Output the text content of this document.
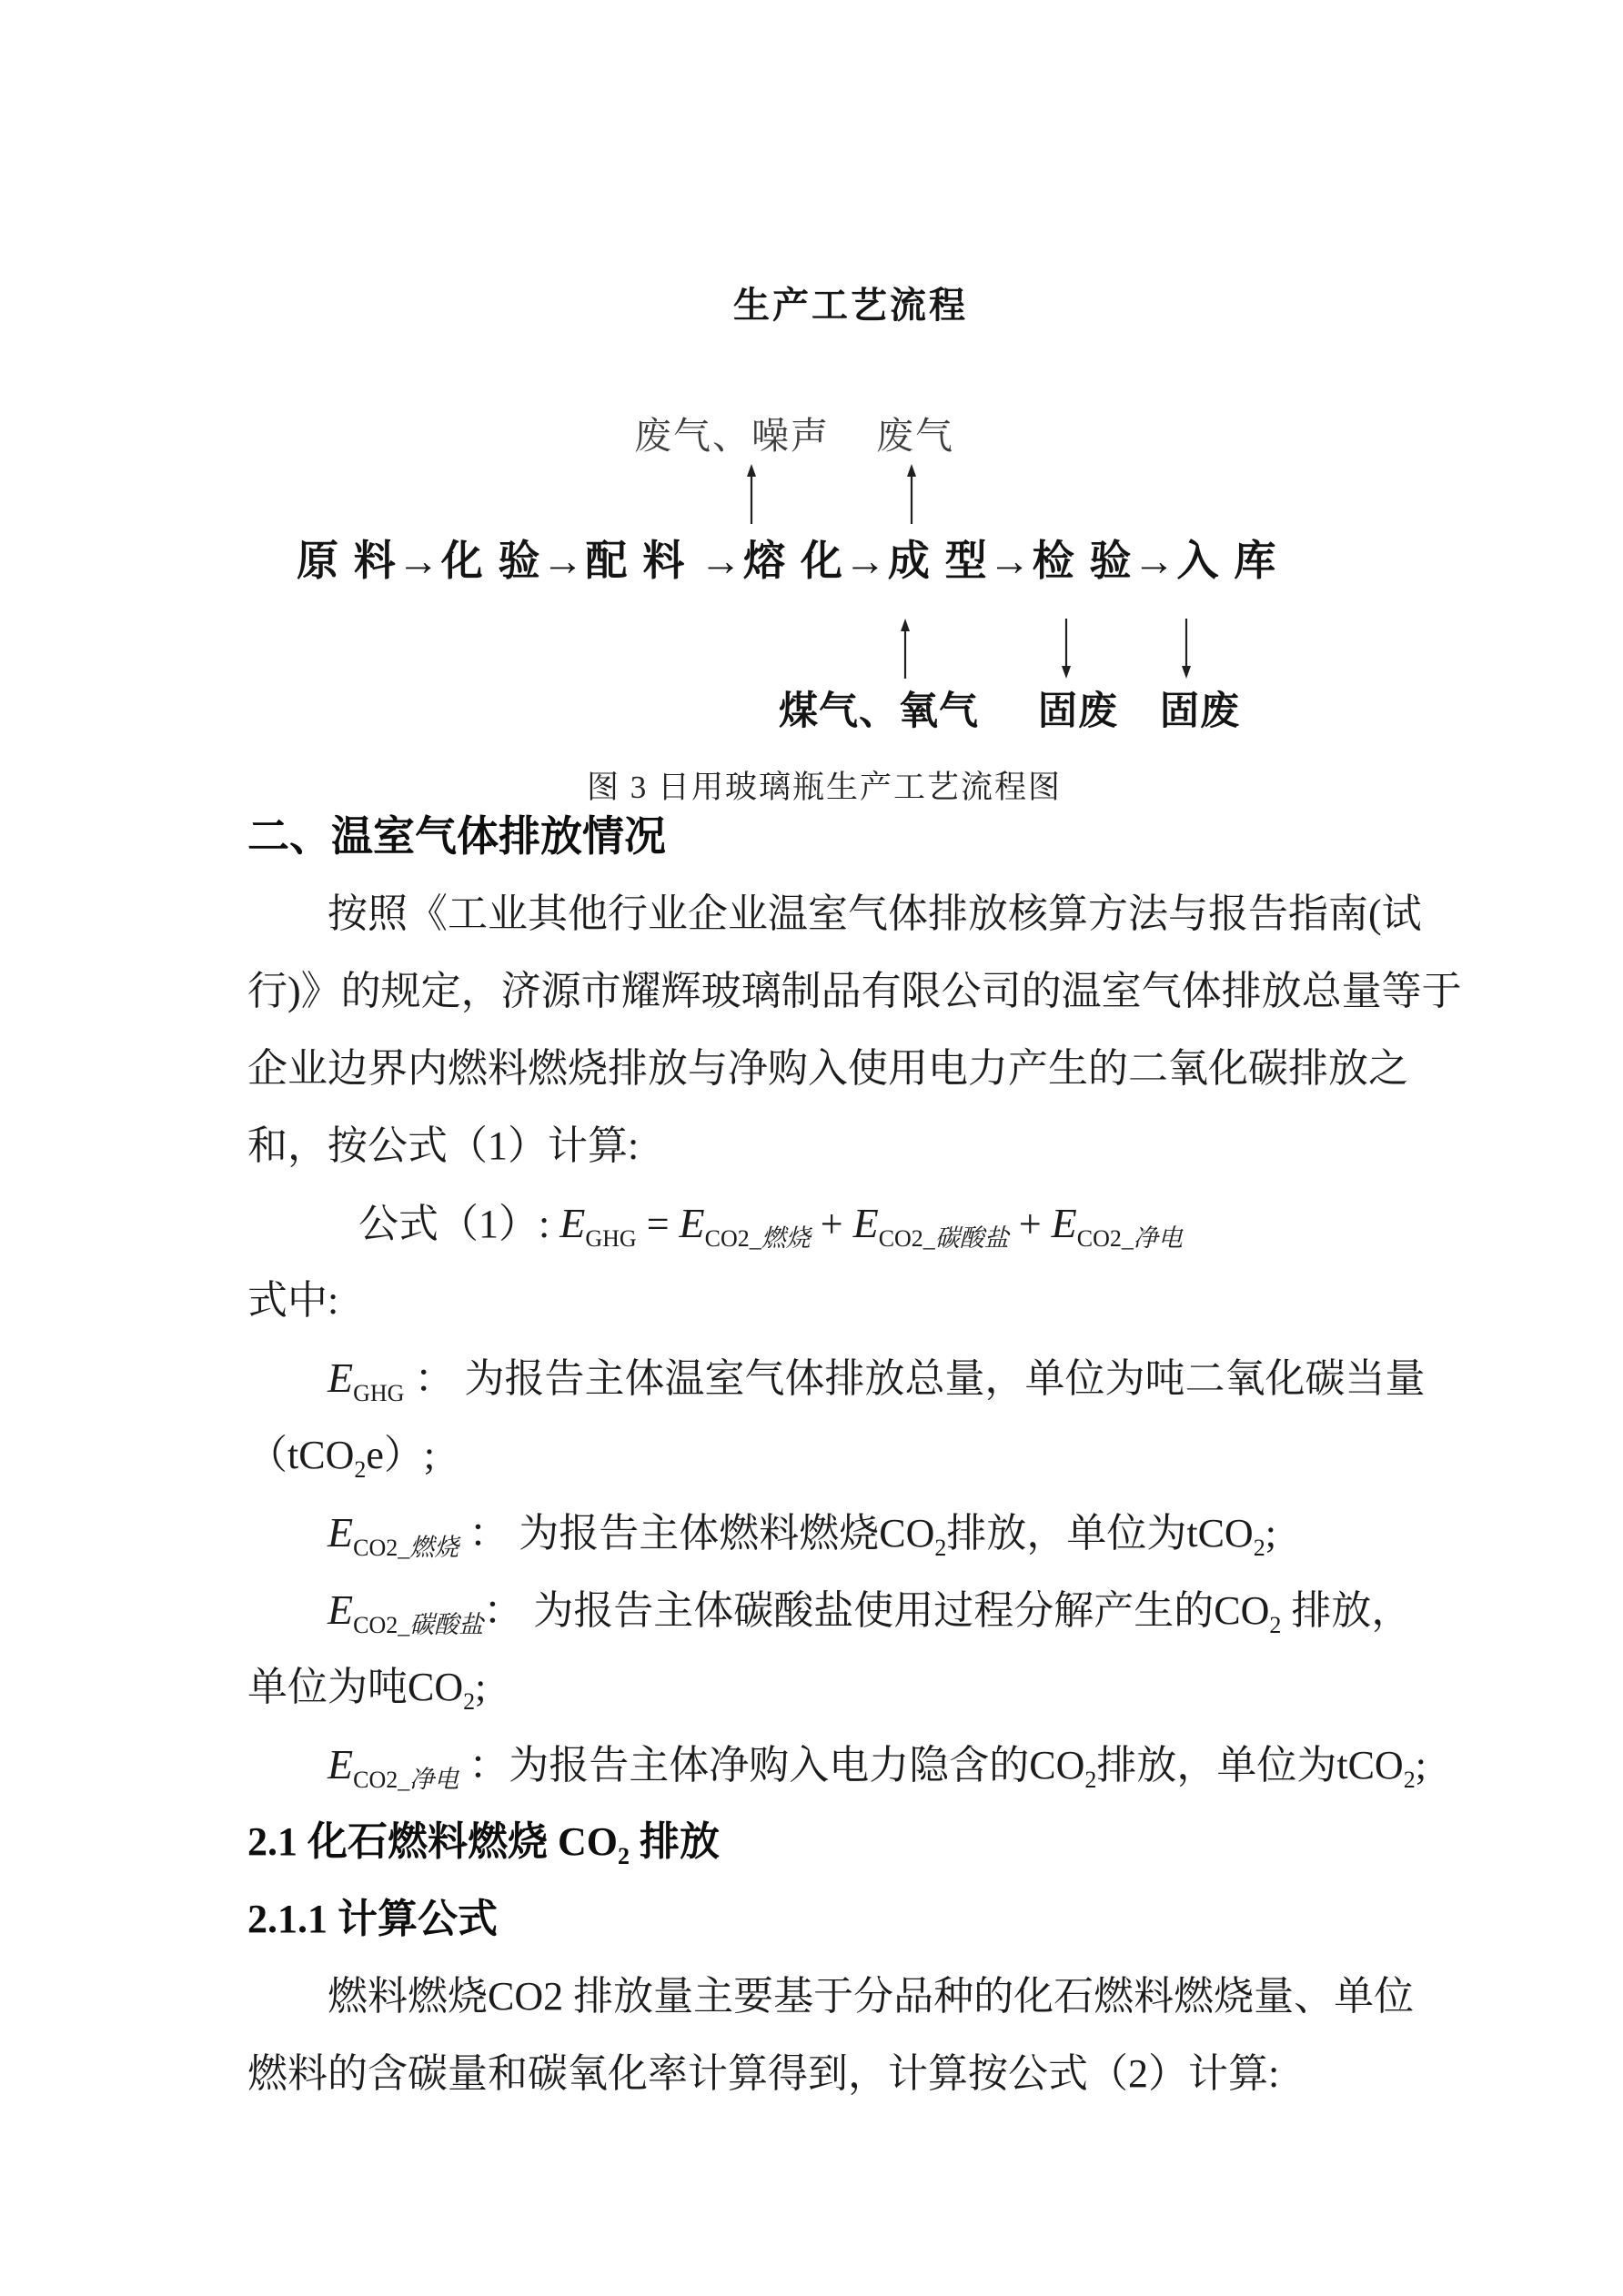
生产工艺流程
废气、噪声 废气
原 料→化 验→配 料 →熔 化→成 型→检 验→入 库
煤气、氧气 固废 固废
图 3 日用玻璃瓶生产工艺流程图
二、温室气体排放情况
按照《工业其他行业企业温室气体排放核算方法与报告指南(试
行)》的规定，济源市耀辉玻璃制品有限公司的温室气体排放总量等于
企业边界内燃料燃烧排放与净购入使用电力产生的二氧化碳排放之
和，按公式（1）计算:
公式（1）: $E_{GHG} = E_{CO2\_燃烧} + E_{CO2\_碳酸盐} + E_{CO2\_净电}$
式中:
$E_{GHG}$ ： 为报告主体温室气体排放总量，单位为吨二氧化碳当量
（tCO$_2$e）;
$E_{CO2\_燃烧}$ ： 为报告主体燃料燃烧$CO_2$排放，单位为tCO$_2$;
$E_{CO2\_碳酸盐}$： 为报告主体碳酸盐使用过程分解产生的$CO_2$ 排放，
单位为吨$CO_2$;
$E_{CO2\_净电}$ ：为报告主体净购入电力隐含的$CO_2$排放，单位为tCO$_2$;
2.1 化石燃料燃烧 $CO_2$ 排放
2.1.1 计算公式
燃料燃烧CO2 排放量主要基于分品种的化石燃料燃烧量、单位
燃料的含碳量和碳氧化率计算得到，计算按公式（2）计算:
